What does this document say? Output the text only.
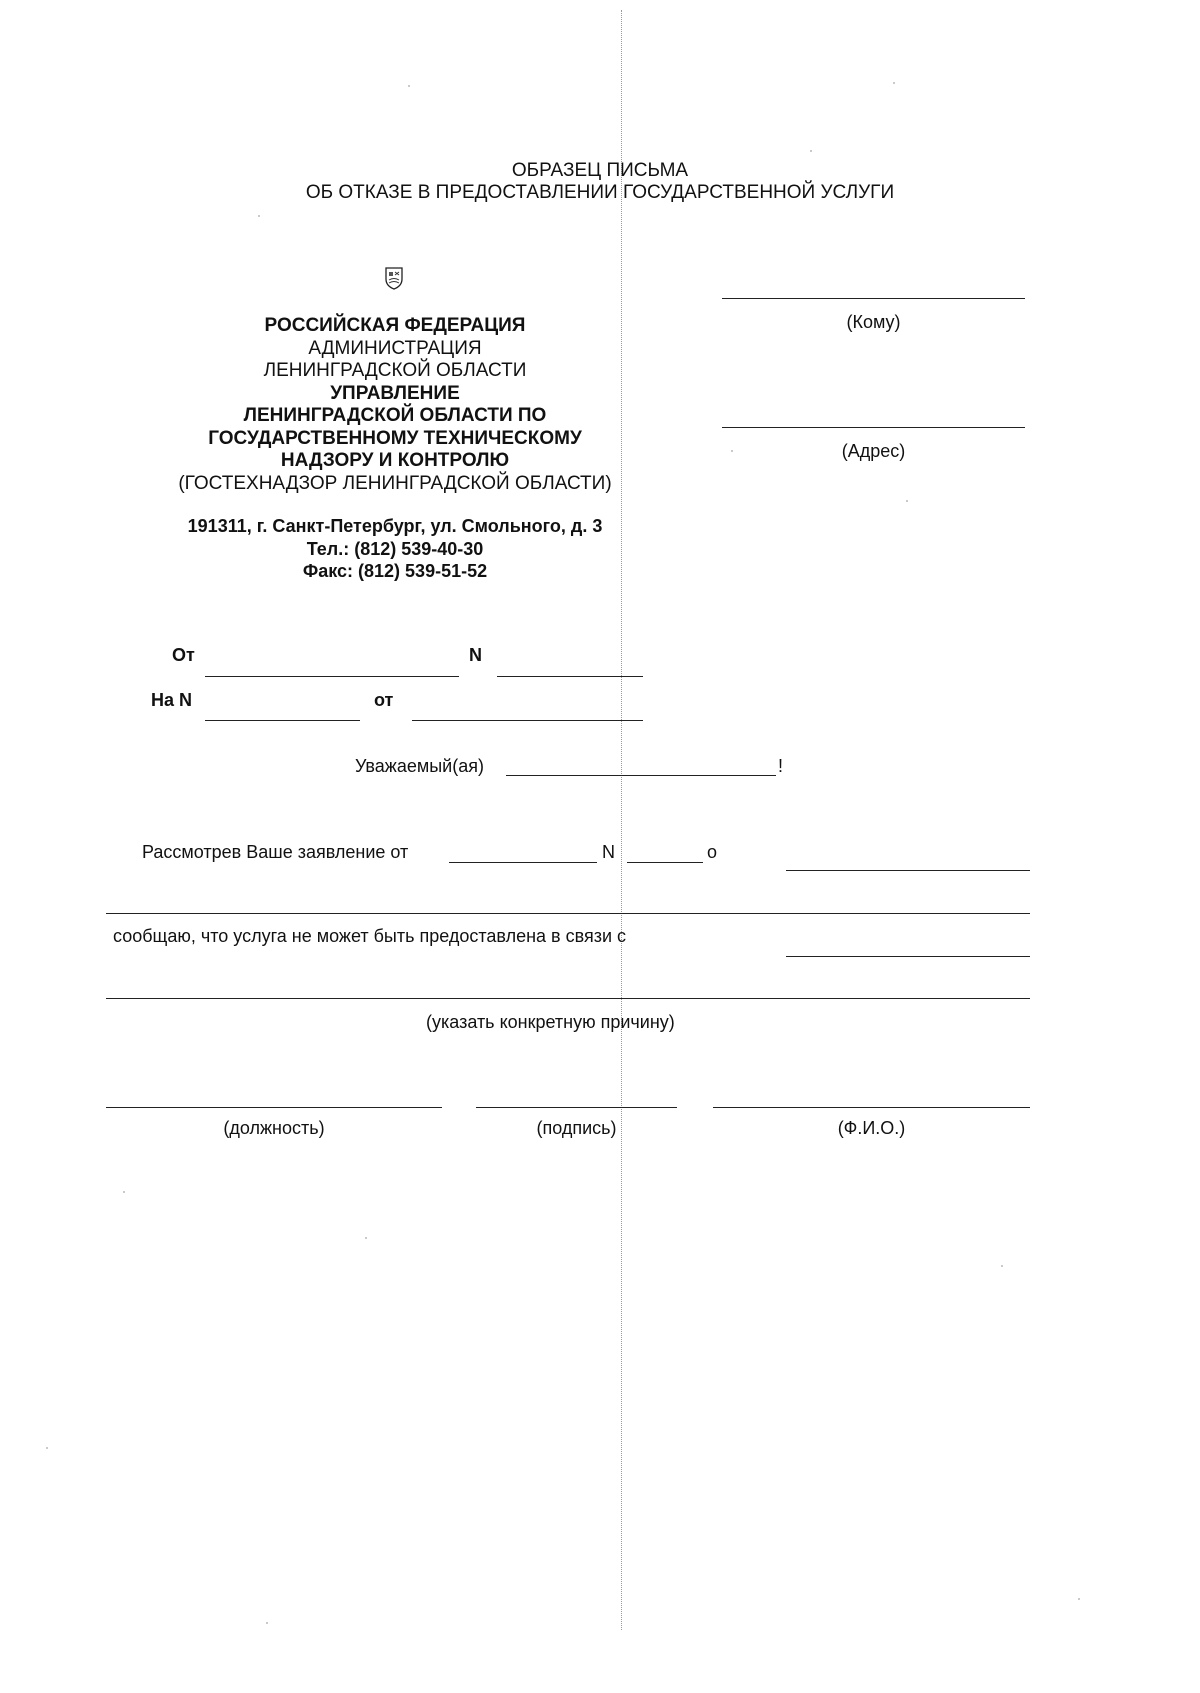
ОБРАЗЕЦ ПИСЬМА
ОБ ОТКАЗЕ В ПРЕДОСТАВЛЕНИИ ГОСУДАРСТВЕННОЙ УСЛУГИ
РОССИЙСКАЯ ФЕДЕРАЦИЯ
АДМИНИСТРАЦИЯ
ЛЕНИНГРАДСКОЙ ОБЛАСТИ
УПРАВЛЕНИЕ
ЛЕНИНГРАДСКОЙ ОБЛАСТИ ПО
ГОСУДАРСТВЕННОМУ ТЕХНИЧЕСКОМУ
НАДЗОРУ И КОНТРОЛЮ
(ГОСТЕХНАДЗОР ЛЕНИНГРАДСКОЙ ОБЛАСТИ)
191311, г. Санкт-Петербург, ул. Смольного, д. 3
Тел.: (812) 539-40-30
Факс: (812) 539-51-52
(Кому)
(Адрес)
От	N
На N	от
Уважаемый(ая)	!
Рассмотрев Ваше заявление от	N	о
сообщаю, что услуга не может быть предоставлена в связи с
(указать конкретную причину)
(должность)	(подпись)	(Ф.И.О.)
